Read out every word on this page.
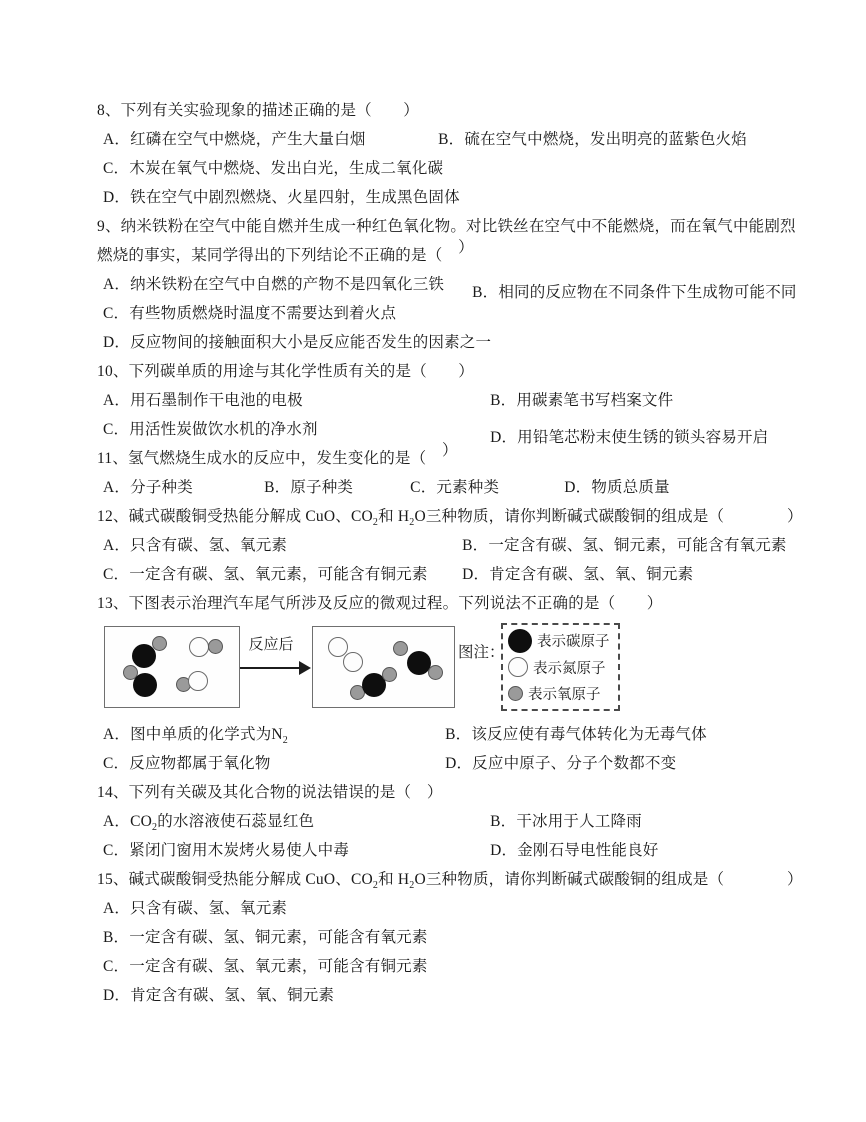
8、下列有关实验现象的描述正确的是（　　）
A．红磷在空气中燃烧，产生大量白烟	B．硫在空气中燃烧，发出明亮的蓝紫色火焰
C．木炭在氧气中燃烧、发出白光，生成二氧化碳
D．铁在空气中剧烈燃烧、火星四射，生成黑色固体
9、纳米铁粉在空气中能自燃并生成一种红色氧化物。对比铁丝在空气中不能燃烧，而在氧气中能剧烈
燃烧的事实，某同学得出的下列结论不正确的是（　）
A．纳米铁粉在空气中自燃的产物不是四氧化三铁 B．相同的反应物在不同条件下生成物可能不同
C．有些物质燃烧时温度不需要达到着火点
D．反应物间的接触面积大小是反应能否发生的因素之一
10、下列碳单质的用途与其化学性质有关的是（　　）
A．用石墨制作干电池的电极	B．用碳素笔书写档案文件
C．用活性炭做饮水机的净水剂	D．用铅笔芯粉末使生锈的锁头容易开启
11、氢气燃烧生成水的反应中，发生变化的是（　）
A．分子种类	B．原子种类	C．元素种类	D．物质总质量
12、碱式碳酸铜受热能分解成 CuO、$CO_2$和 $H_2O$三种物质，请你判断碱式碳酸铜的组成是（　　　　）
A．只含有碳、氢、氧元素	B．一定含有碳、氢、铜元素，可能含有氧元素
C．一定含有碳、氢、氧元素，可能含有铜元素 D．肯定含有碳、氢、氧、铜元素
13、下图表示治理汽车尾气所涉及反应的微观过程。下列说法不正确的是（　　）
反应后	图注：
表示碳原子
表示氮原子
表示氧原子
A．图中单质的化学式为$N_2$	B．该反应使有毒气体转化为无毒气体
C．反应物都属于氧化物	D．反应中原子、分子个数都不变
14、下列有关碳及其化合物的说法错误的是（　）
A．$CO_2$的水溶液使石蕊显红色	B．干冰用于人工降雨
C．紧闭门窗用木炭烤火易使人中毒	D．金刚石导电性能良好
15、碱式碳酸铜受热能分解成 CuO、$CO_2$和 $H_2O$三种物质，请你判断碱式碳酸铜的组成是（　　　　）
A．只含有碳、氢、氧元素
B．一定含有碳、氢、铜元素，可能含有氧元素
C．一定含有碳、氢、氧元素，可能含有铜元素
D．肯定含有碳、氢、氧、铜元素
